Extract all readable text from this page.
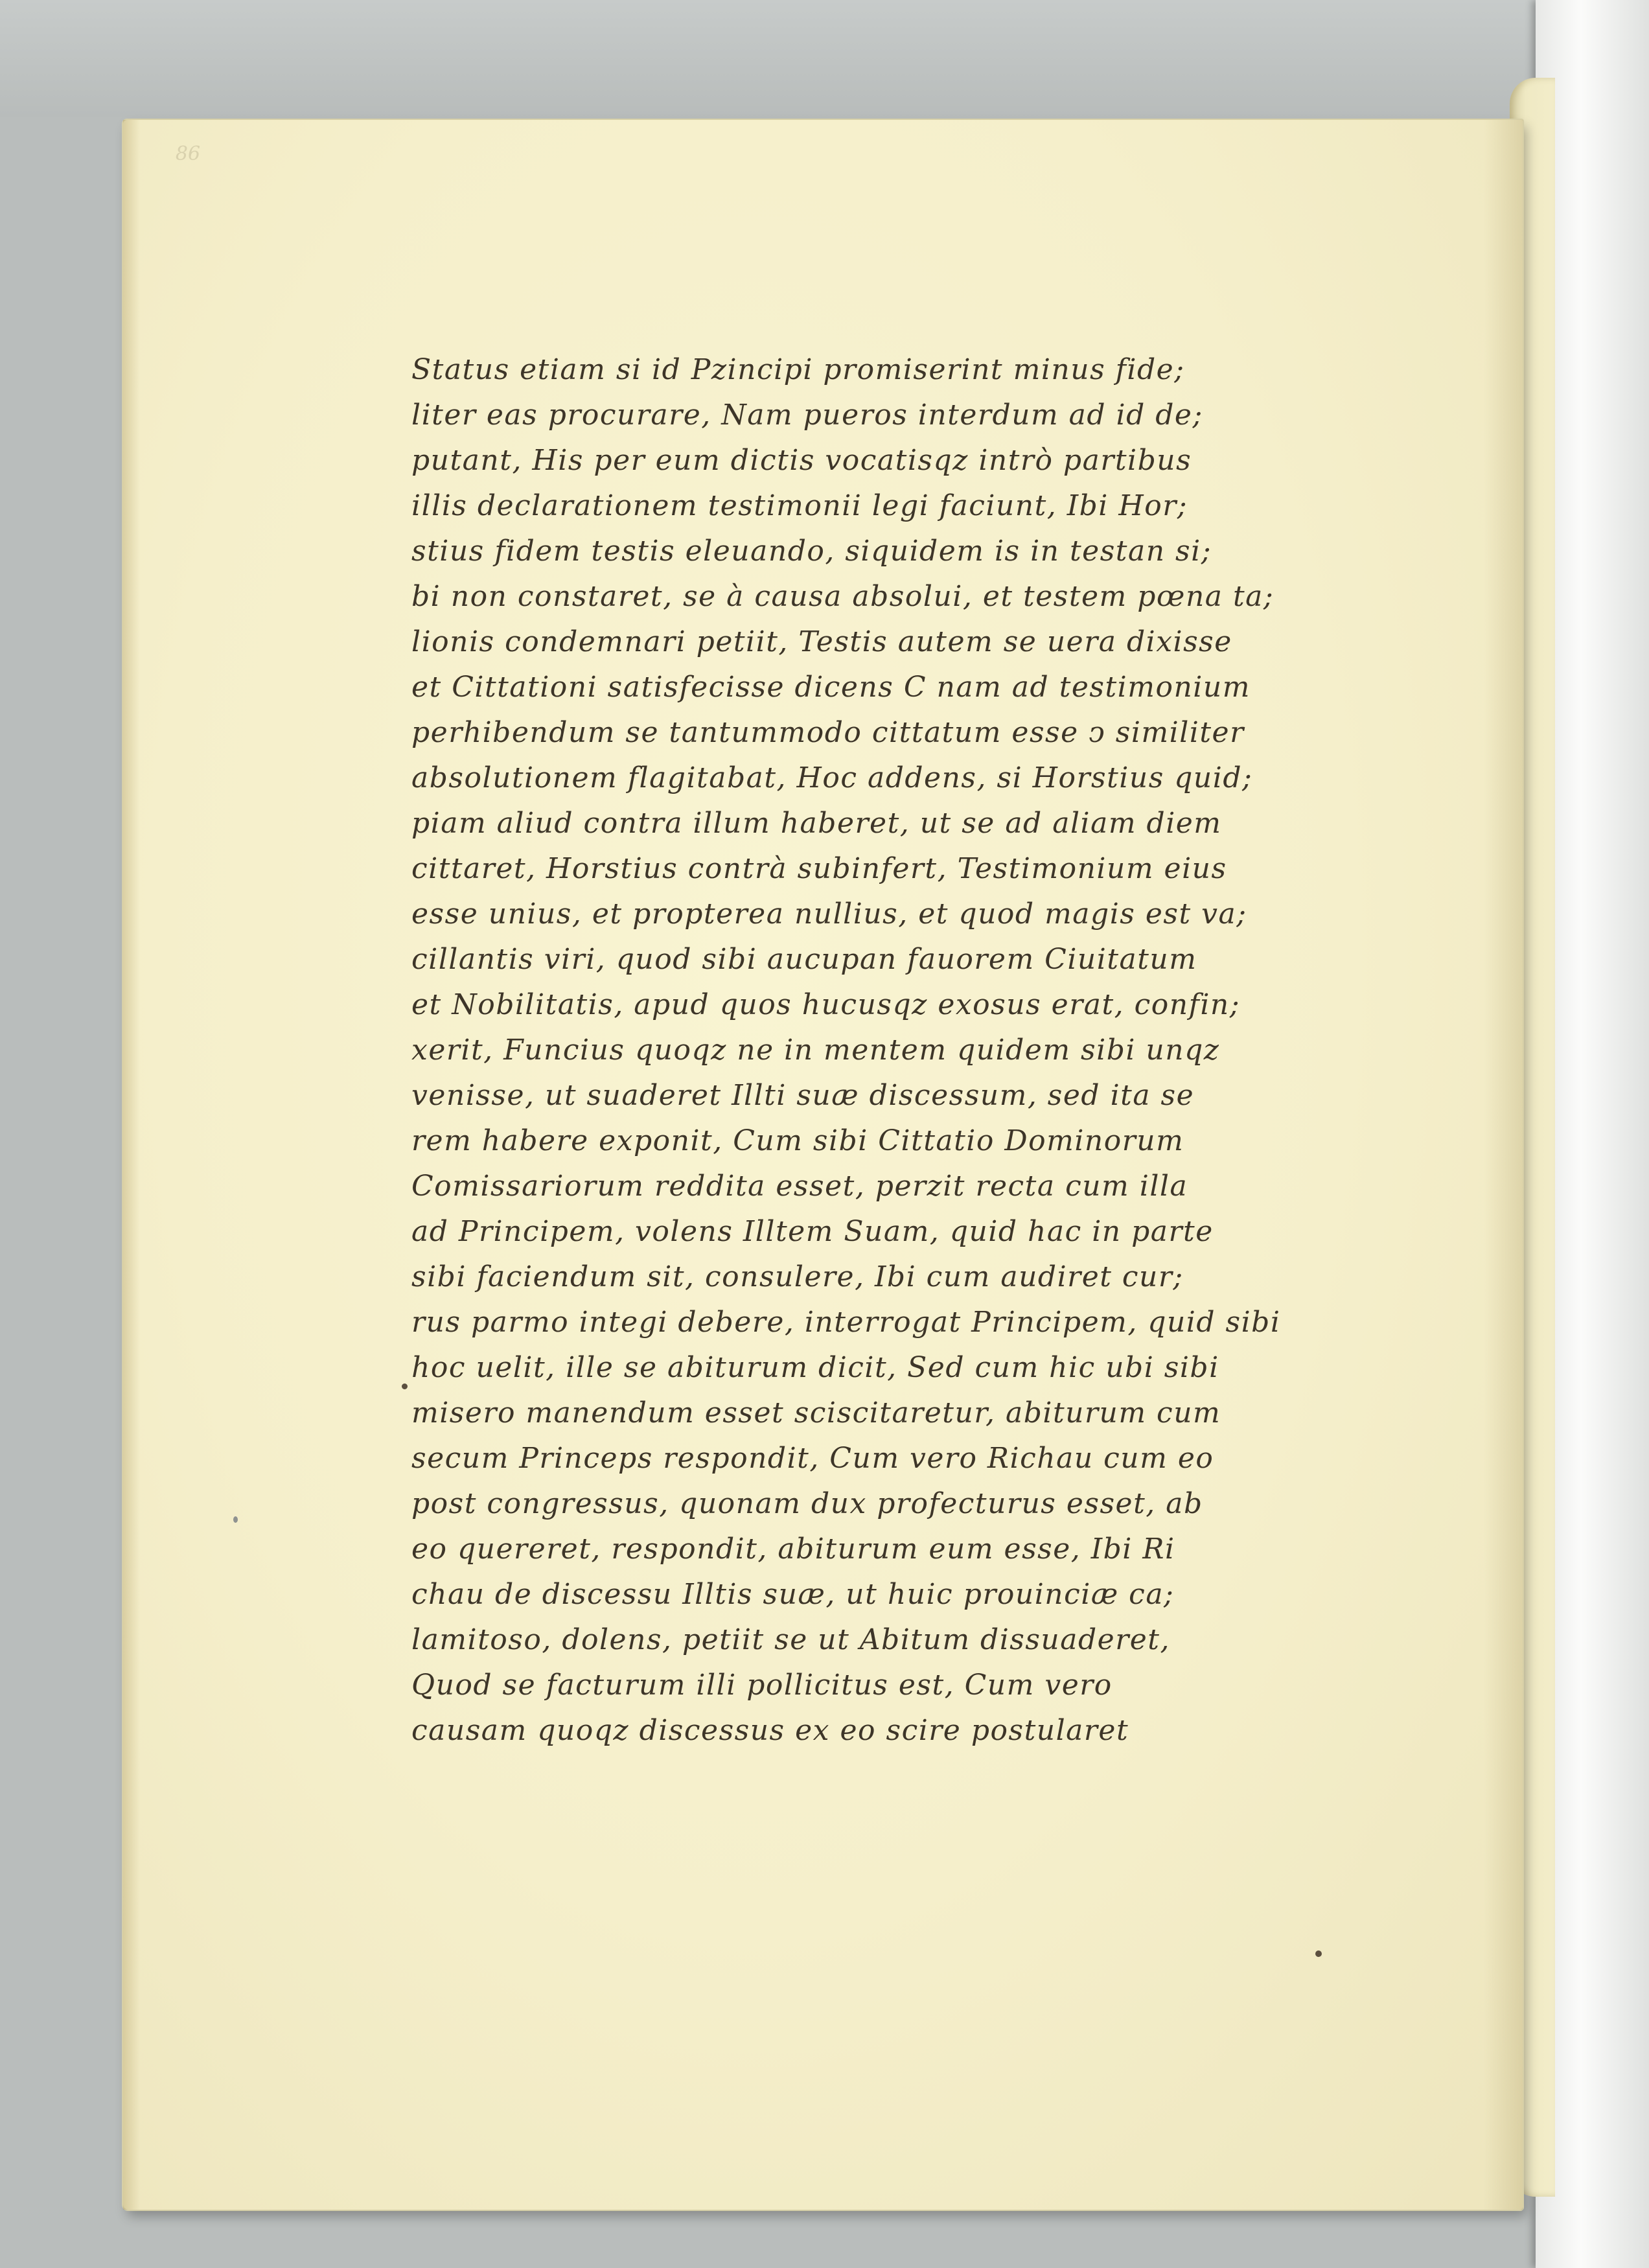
86
Status etiam si id Pzincipi promiserint minus fide;
liter eas procurare, Nam pueros interdum ad id de;
putant, His per eum dictis vocatisqz intrò partibus
illis declarationem testimonii legi faciunt, Ibi Hor;
stius fidem testis eleuando, siquidem is in testan si;
bi non constaret, se à causa absolui, et testem pœna ta;
lionis condemnari petiit, Testis autem se uera dixisse
et Cittationi satisfecisse dicens C nam ad testimonium
perhibendum se tantummodo cittatum esse ↄ similiter
absolutionem flagitabat, Hoc addens, si Horstius quid;
piam aliud contra illum haberet, ut se ad aliam diem
cittaret, Horstius contrà subinfert, Testimonium eius
esse unius, et propterea nullius, et quod magis est va;
cillantis viri, quod sibi aucupan fauorem Ciuitatum
et Nobilitatis, apud quos hucusqz exosus erat, confin;
xerit, Funcius quoqz ne in mentem quidem sibi unqz
venisse, ut suaderet Illti suæ discessum, sed ita se
rem habere exponit, Cum sibi Cittatio Dominorum
Comissariorum reddita esset, perzit recta cum illa
ad Principem, volens Illtem Suam, quid hac in parte
sibi faciendum sit, consulere, Ibi cum audiret cur;
rus parmo integi debere, interrogat Principem, quid sibi
hoc uelit, ille se abiturum dicit, Sed cum hic ubi sibi
misero manendum esset sciscitaretur, abiturum cum
secum Princeps respondit, Cum vero Richau cum eo
post congressus, quonam dux profecturus esset, ab
eo quereret, respondit, abiturum eum esse, Ibi Ri
chau de discessu Illtis suæ, ut huic prouinciæ ca;
lamitoso, dolens, petiit se ut Abitum dissuaderet,
Quod se facturum illi pollicitus est, Cum vero
causam quoqz discessus ex eo scire postularet
